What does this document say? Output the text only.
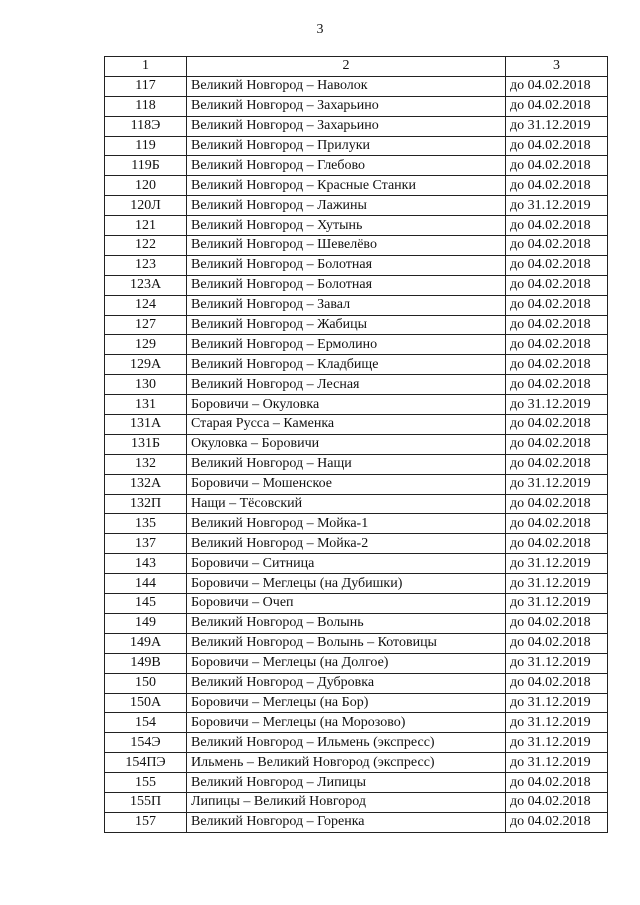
3
1	2	3
117	Великий Новгород – Наволок	до 04.02.2018
118	Великий Новгород – Захарьино	до 04.02.2018
118Э	Великий Новгород – Захарьино	до 31.12.2019
119	Великий Новгород – Прилуки	до 04.02.2018
119Б	Великий Новгород – Глебово	до 04.02.2018
120	Великий Новгород – Красные Станки	до 04.02.2018
120Л	Великий Новгород – Лажины	до 31.12.2019
121	Великий Новгород – Хутынь	до 04.02.2018
122	Великий Новгород – Шевелёво	до 04.02.2018
123	Великий Новгород – Болотная	до 04.02.2018
123А	Великий Новгород – Болотная	до 04.02.2018
124	Великий Новгород – Завал	до 04.02.2018
127	Великий Новгород – Жабицы	до 04.02.2018
129	Великий Новгород – Ермолино	до 04.02.2018
129А	Великий Новгород – Кладбище	до 04.02.2018
130	Великий Новгород – Лесная	до 04.02.2018
131	Боровичи – Окуловка	до 31.12.2019
131А	Старая Русса – Каменка	до 04.02.2018
131Б	Окуловка – Боровичи	до 04.02.2018
132	Великий Новгород – Нащи	до 04.02.2018
132А	Боровичи – Мошенское	до 31.12.2019
132П	Нащи – Тёсовский	до 04.02.2018
135	Великий Новгород – Мойка-1	до 04.02.2018
137	Великий Новгород – Мойка-2	до 04.02.2018
143	Боровичи – Ситница	до 31.12.2019
144	Боровичи – Меглецы (на Дубишки)	до 31.12.2019
145	Боровичи – Очеп	до 31.12.2019
149	Великий Новгород – Волынь	до 04.02.2018
149А	Великий Новгород – Волынь – Котовицы	до 04.02.2018
149В	Боровичи – Меглецы (на Долгое)	до 31.12.2019
150	Великий Новгород – Дубровка	до 04.02.2018
150А	Боровичи – Меглецы (на Бор)	до 31.12.2019
154	Боровичи – Меглецы (на Морозово)	до 31.12.2019
154Э	Великий Новгород – Ильмень (экспресс)	до 31.12.2019
154ПЭ	Ильмень – Великий Новгород (экспресс)	до 31.12.2019
155	Великий Новгород – Липицы	до 04.02.2018
155П	Липицы – Великий Новгород	до 04.02.2018
157	Великий Новгород – Горенка	до 04.02.2018
